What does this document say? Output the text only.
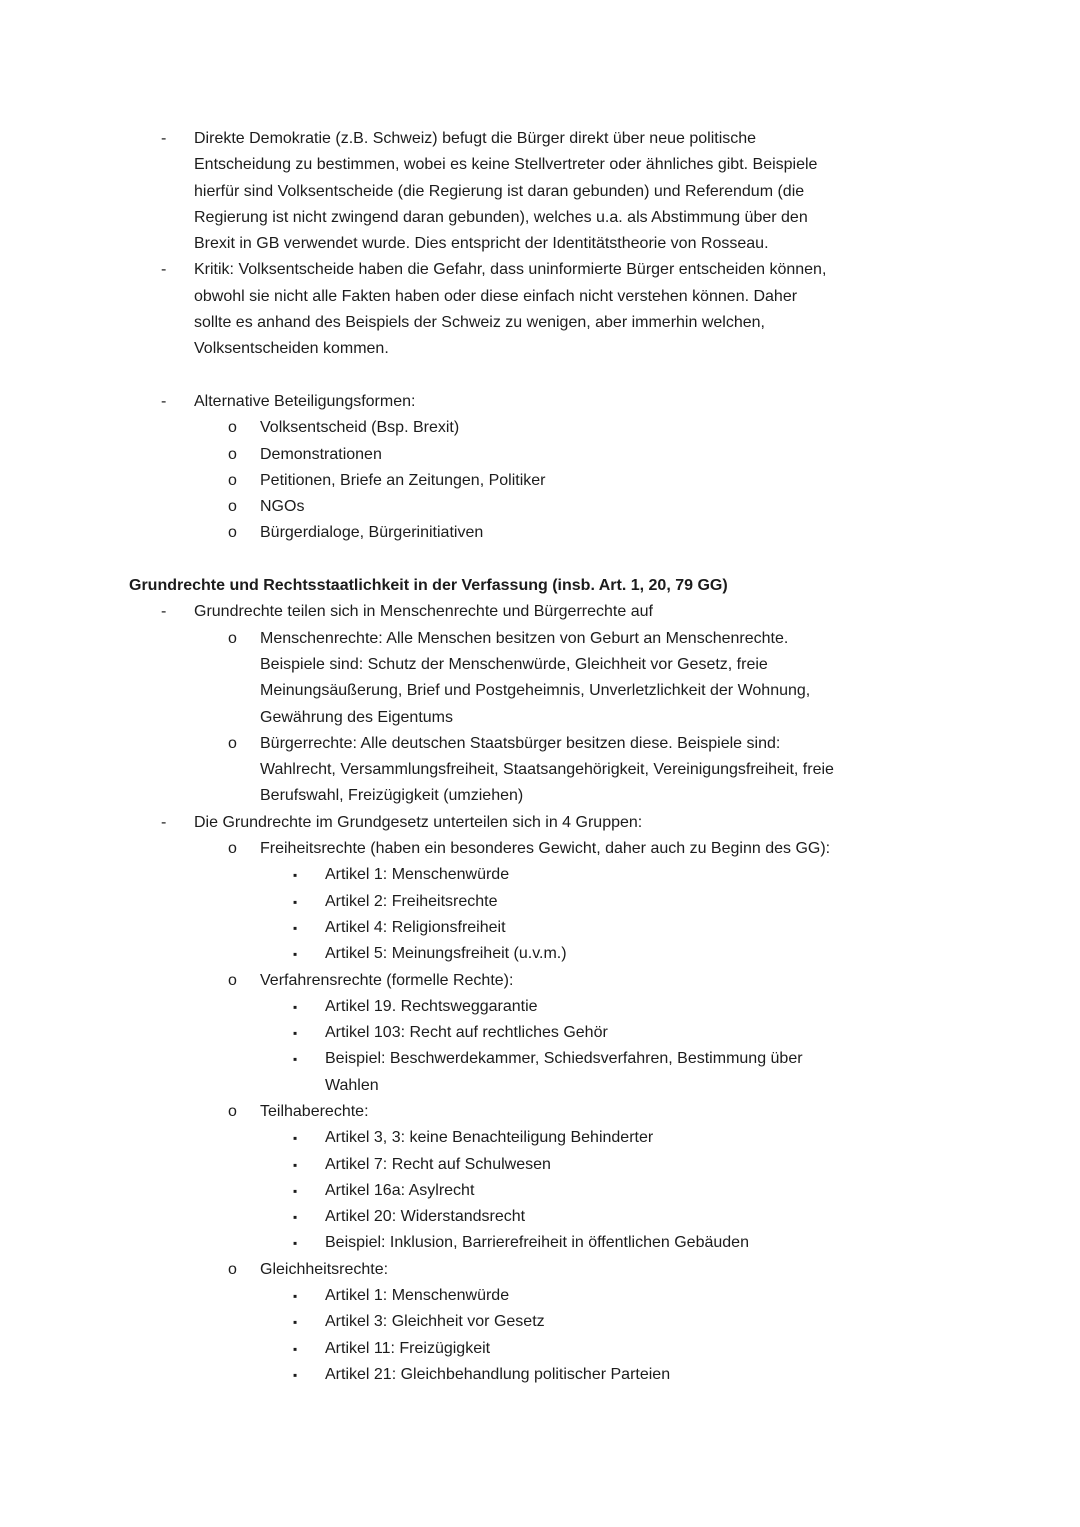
- Direkte Demokratie (z.B. Schweiz) befugt die Bürger direkt über neue politische
Entscheidung zu bestimmen, wobei es keine Stellvertreter oder ähnliches gibt. Beispiele
hierfür sind Volksentscheide (die Regierung ist daran gebunden) und Referendum (die
Regierung ist nicht zwingend daran gebunden), welches u.a. als Abstimmung über den
Brexit in GB verwendet wurde. Dies entspricht der Identitätstheorie von Rosseau.
- Kritik: Volksentscheide haben die Gefahr, dass uninformierte Bürger entscheiden können,
obwohl sie nicht alle Fakten haben oder diese einfach nicht verstehen können. Daher
sollte es anhand des Beispiels der Schweiz zu wenigen, aber immerhin welchen,
Volksentscheiden kommen.
- Alternative Beteiligungsformen:
o Volksentscheid (Bsp. Brexit)
o Demonstrationen
o Petitionen, Briefe an Zeitungen, Politiker
o NGOs
o Bürgerdialoge, Bürgerinitiativen
Grundrechte und Rechtsstaatlichkeit in der Verfassung (insb. Art. 1, 20, 79 GG)
- Grundrechte teilen sich in Menschenrechte und Bürgerrechte auf
o Menschenrechte: Alle Menschen besitzen von Geburt an Menschenrechte.
Beispiele sind: Schutz der Menschenwürde, Gleichheit vor Gesetz, freie
Meinungsäußerung, Brief und Postgeheimnis, Unverletzlichkeit der Wohnung,
Gewährung des Eigentums
o Bürgerrechte: Alle deutschen Staatsbürger besitzen diese. Beispiele sind:
Wahlrecht, Versammlungsfreiheit, Staatsangehörigkeit, Vereinigungsfreiheit, freie
Berufswahl, Freizügigkeit (umziehen)
- Die Grundrechte im Grundgesetz unterteilen sich in 4 Gruppen:
o Freiheitsrechte (haben ein besonderes Gewicht, daher auch zu Beginn des GG):
▪ Artikel 1: Menschenwürde
▪ Artikel 2: Freiheitsrechte
▪ Artikel 4: Religionsfreiheit
▪ Artikel 5: Meinungsfreiheit (u.v.m.)
o Verfahrensrechte (formelle Rechte):
▪ Artikel 19. Rechtsweggarantie
▪ Artikel 103: Recht auf rechtliches Gehör
▪ Beispiel: Beschwerdekammer, Schiedsverfahren, Bestimmung über
Wahlen
o Teilhaberechte:
▪ Artikel 3, 3: keine Benachteiligung Behinderter
▪ Artikel 7: Recht auf Schulwesen
▪ Artikel 16a: Asylrecht
▪ Artikel 20: Widerstandsrecht
▪ Beispiel: Inklusion, Barrierefreiheit in öffentlichen Gebäuden
o Gleichheitsrechte:
▪ Artikel 1: Menschenwürde
▪ Artikel 3: Gleichheit vor Gesetz
▪ Artikel 11: Freizügigkeit
▪ Artikel 21: Gleichbehandlung politischer Parteien
